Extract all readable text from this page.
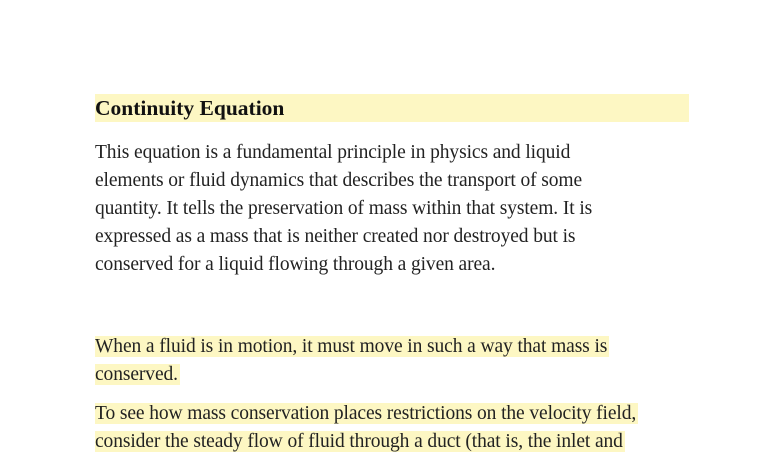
Continuity Equation
This equation is a fundamental principle in physics and liquid
elements or fluid dynamics that describes the transport of some
quantity. It tells the preservation of mass within that system. It is
expressed as a mass that is neither created nor destroyed but is
conserved for a liquid flowing through a given area.
When a fluid is in motion, it must move in such a way that mass is
conserved.
To see how mass conservation places restrictions on the velocity field,
consider the steady flow of fluid through a duct (that is, the inlet and
